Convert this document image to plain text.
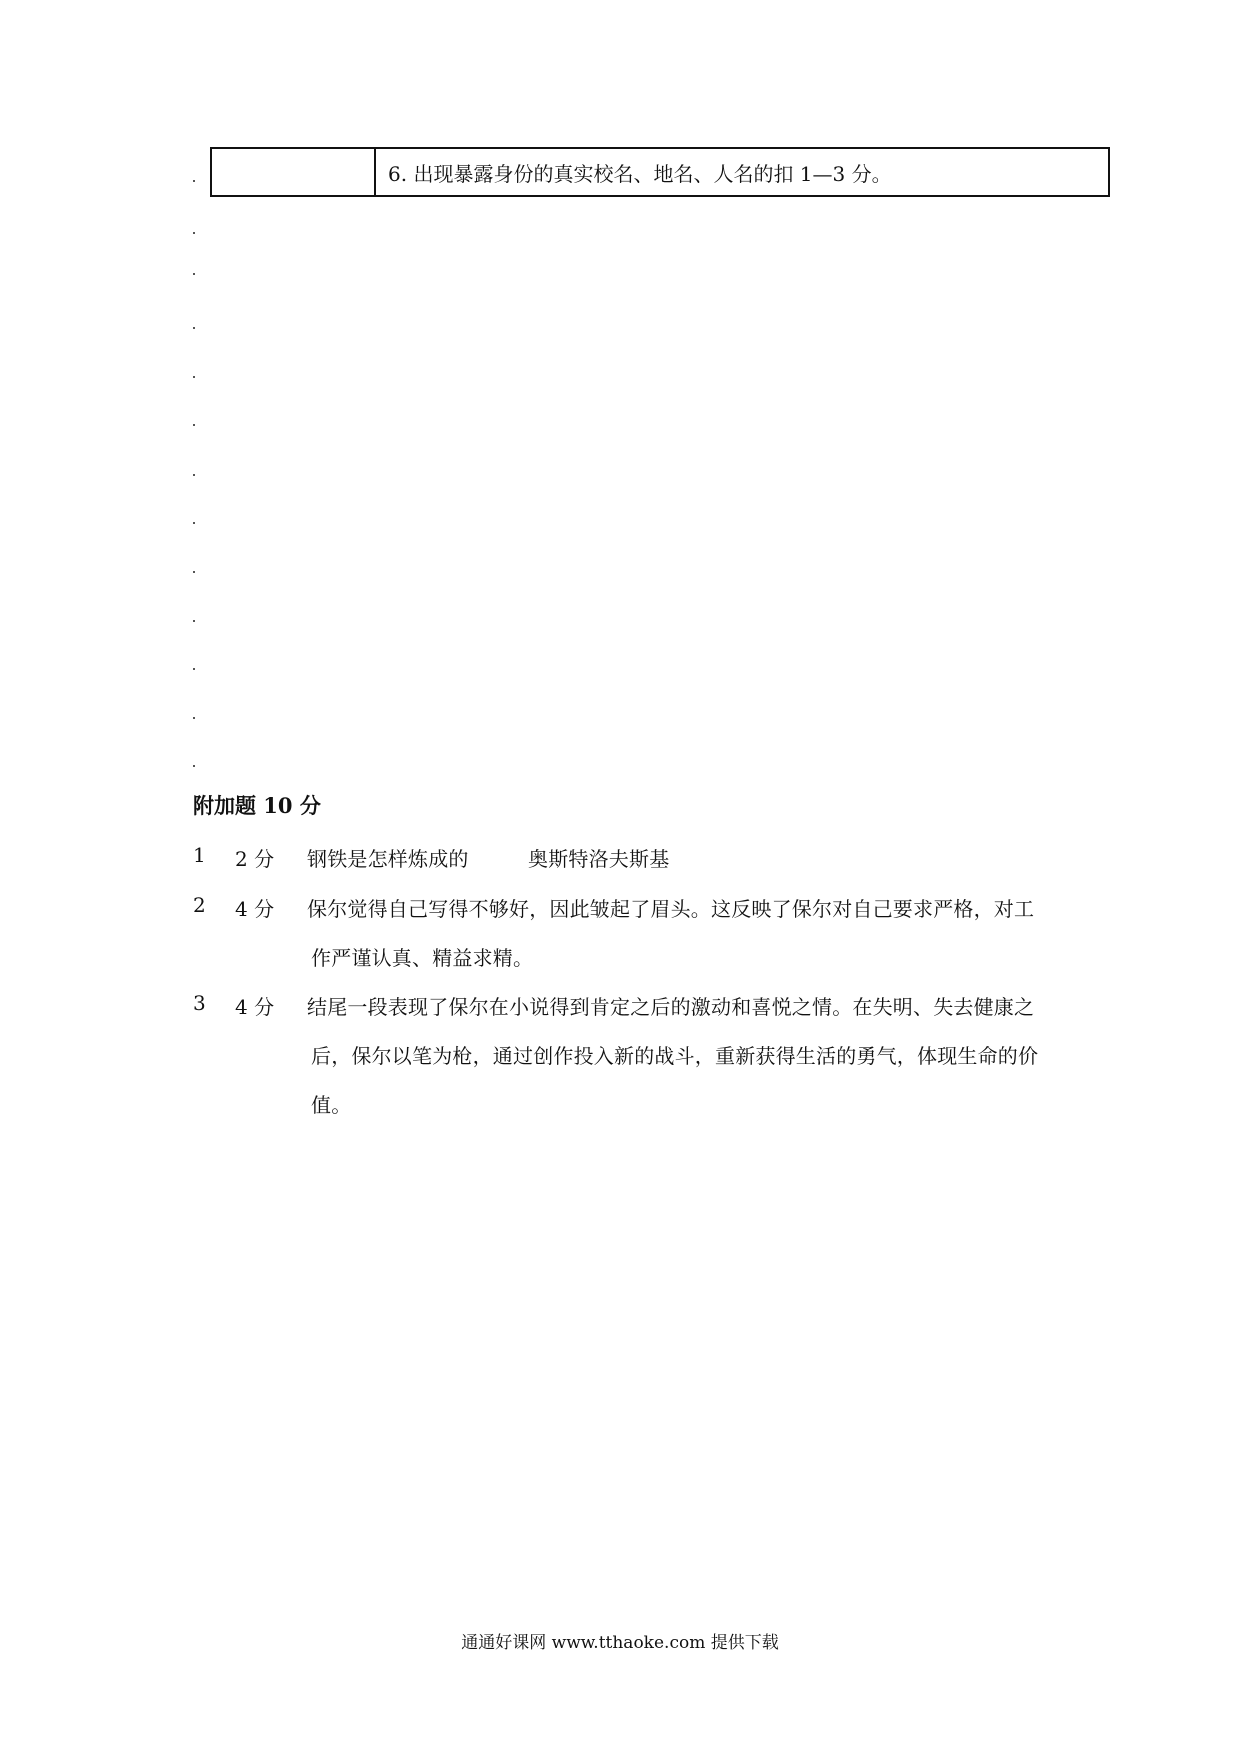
	6. 出现暴露身份的真实校名、地名、人名的扣 1—3 分。
附加题 10 分
1 2 分 钢铁是怎样炼成的	奥斯特洛夫斯基
2 4 分 保尔觉得自己写得不够好，因此皱起了眉头。这反映了保尔对自己要求严格，对工
作严谨认真、精益求精。
3 4 分 结尾一段表现了保尔在小说得到肯定之后的激动和喜悦之情。在失明、失去健康之
后，保尔以笔为枪，通过创作投入新的战斗，重新获得生活的勇气，体现生命的价
值。
通通好课网 www.tthaoke.com 提供下载
